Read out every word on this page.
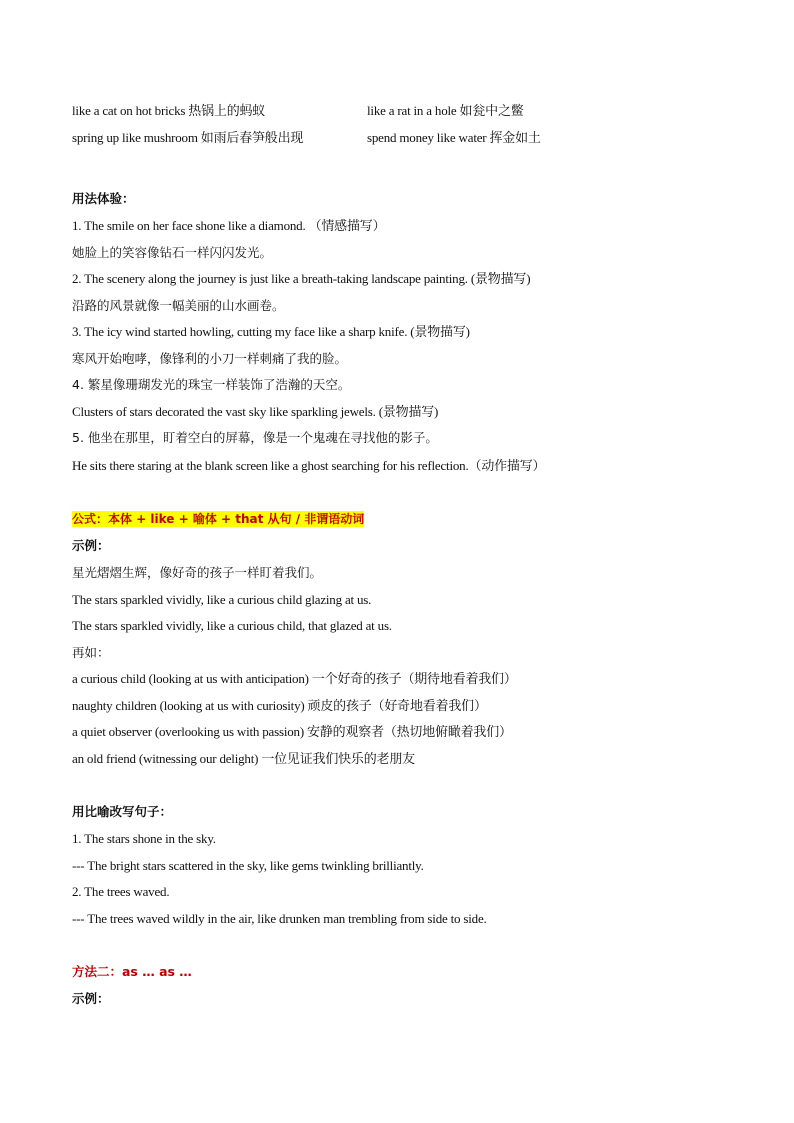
like a cat on hot bricks 热锅上的蚂蚁	like a rat in a hole 如瓮中之鳖
spring up like mushroom 如雨后春笋般出现	spend money like water 挥金如土
用法体验：
1. The smile on her face shone like a diamond. （情感描写）
她脸上的笑容像钻石一样闪闪发光。
2. The scenery along the journey is just like a breath-taking landscape painting. (景物描写)
沿路的风景就像一幅美丽的山水画卷。
3. The icy wind started howling, cutting my face like a sharp knife. (景物描写)
寒风开始咆哮，像锋利的小刀一样刺痛了我的脸。
4. 繁星像珊瑚发光的珠宝一样装饰了浩瀚的天空。
Clusters of stars decorated the vast sky like sparkling jewels. (景物描写)
5. 他坐在那里，盯着空白的屏幕，像是一个鬼魂在寻找他的影子。
He sits there staring at the blank screen like a ghost searching for his reflection.（动作描写）
公式：本体 + like + 喻体 + that 从句 / 非谓语动词
示例：
星光熠熠生辉，像好奇的孩子一样盯着我们。
The stars sparkled vividly, like a curious child glazing at us.
The stars sparkled vividly, like a curious child, that glazed at us.
再如：
a curious child (looking at us with anticipation) 一个好奇的孩子（期待地看着我们）
naughty children (looking at us with curiosity) 顽皮的孩子（好奇地看着我们）
a quiet observer (overlooking us with passion) 安静的观察者（热切地俯瞰着我们）
an old friend (witnessing our delight) 一位见证我们快乐的老朋友
用比喻改写句子：
1. The stars shone in the sky.
--- The bright stars scattered in the sky, like gems twinkling brilliantly.
2. The trees waved.
--- The trees waved wildly in the air, like drunken man trembling from side to side.
方法二：as … as …
示例：
